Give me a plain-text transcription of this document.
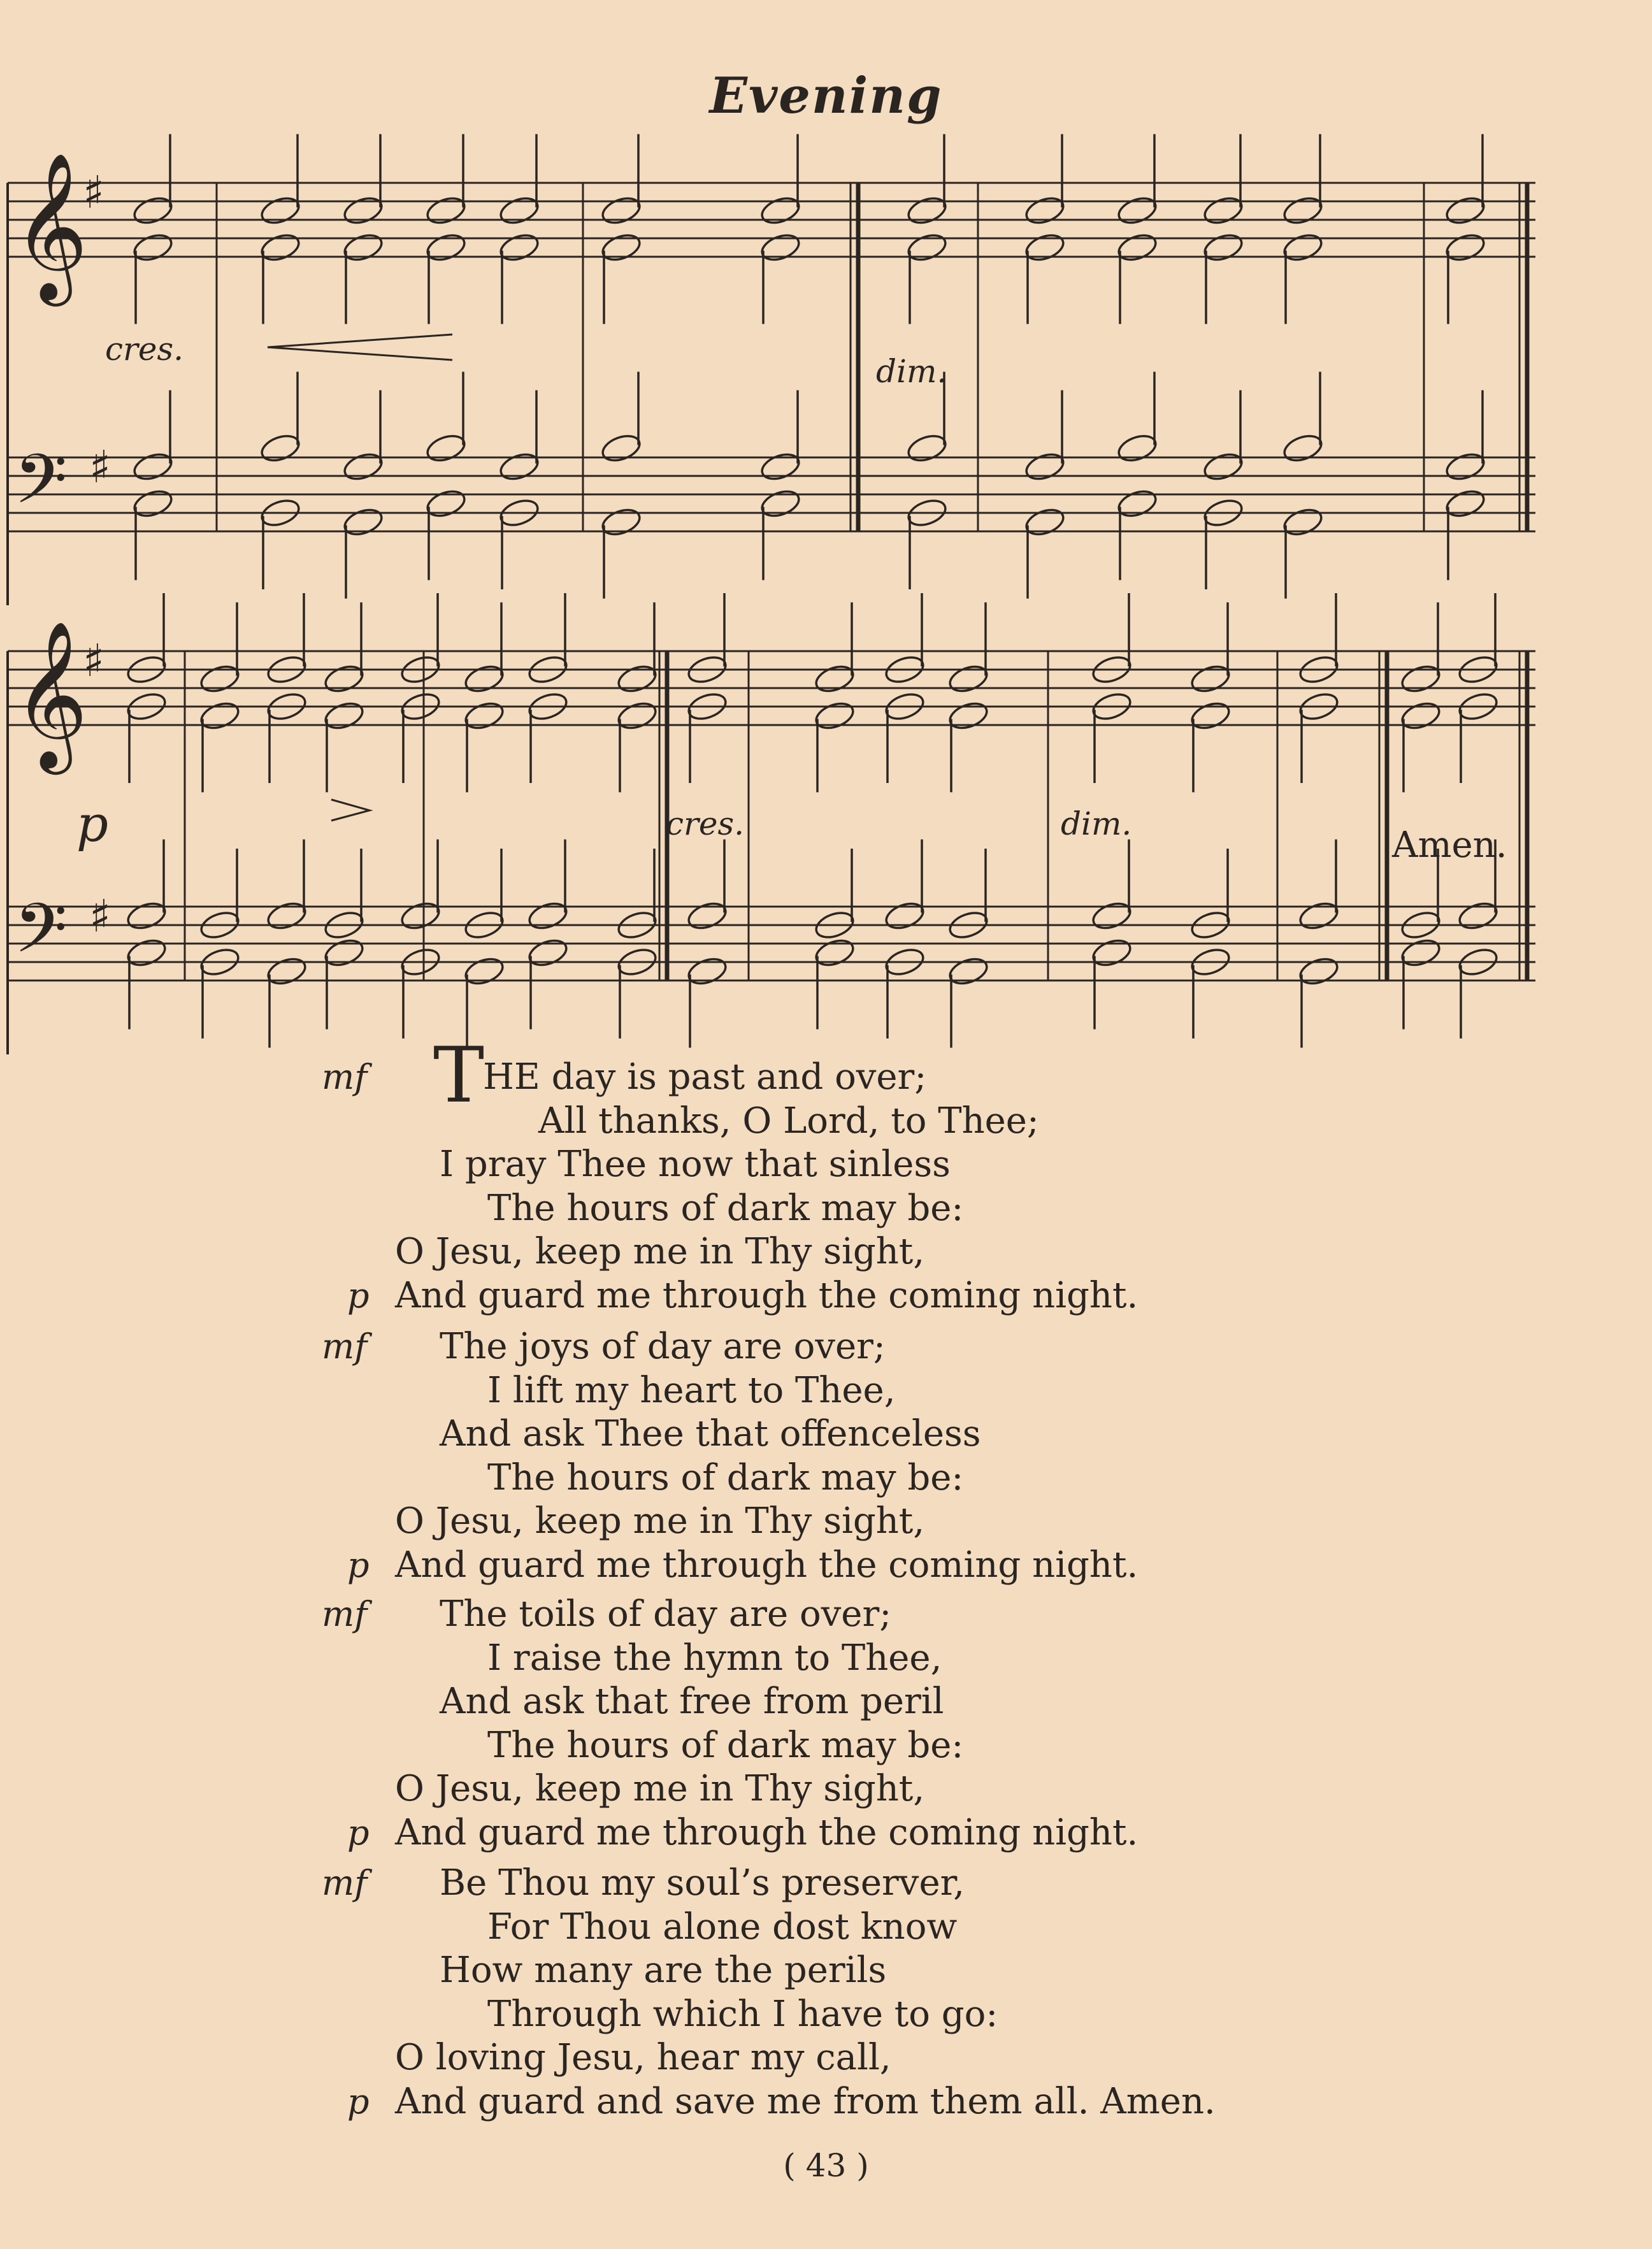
Evening
𝄞
♯
𝄞
♯
𝄢 ♯
𝄢 ♯
cres.
dim.
p	cres.	dim.
Amen.
THE day is past and over;
mf
All thanks, O Lord, to Thee;
I pray Thee now that sinless
The hours of dark may be:
O Jesu, keep me in Thy sight,
And guard me through the coming night.
p
The joys of day are over;
mf
I lift my heart to Thee,
And ask Thee that offenceless
The hours of dark may be:
O Jesu, keep me in Thy sight,
And guard me through the coming night.
p
The toils of day are over;
mf
I raise the hymn to Thee,
And ask that free from peril
The hours of dark may be:
O Jesu, keep me in Thy sight,
And guard me through the coming night.
p
Be Thou my soul’s preserver,
mf
For Thou alone dost know
How many are the perils
Through which I have to go:
O loving Jesu, hear my call,
And guard and save me from them all. Amen.
p
( 43 )
